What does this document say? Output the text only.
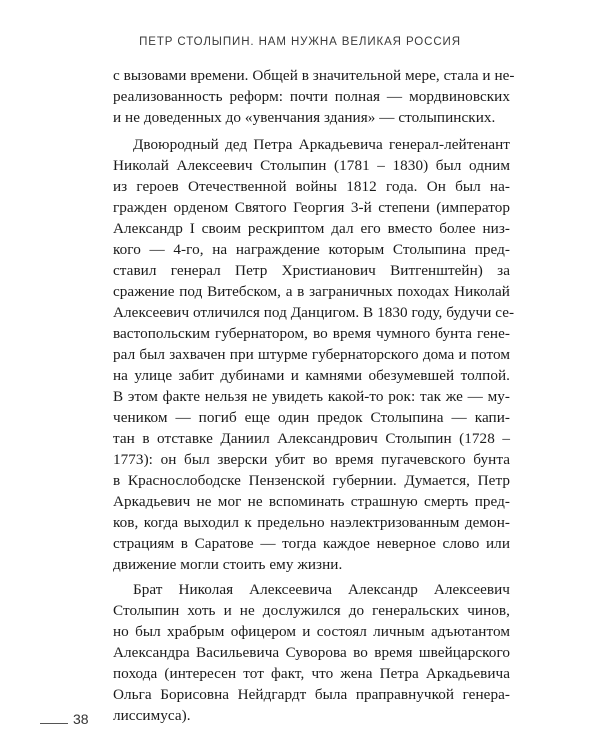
ПЕТР СТОЛЫПИН. НАМ НУЖНА ВЕЛИКАЯ РОССИЯ
с вызовами времени. Общей в значительной мере, стала и не-
реализованность реформ: почти полная — мордвиновских
и не доведенных до «увенчания здания» — столыпинских.
Двоюродный дед Петра Аркадьевича генерал-лейтенант
Николай Алексеевич Столыпин (1781 – 1830) был одним
из героев Отечественной войны 1812 года. Он был на-
гражден орденом Святого Георгия 3-й степени (император
Александр I своим рескриптом дал его вместо более низ-
кого — 4-го, на награждение которым Столыпина пред-
ставил генерал Петр Христианович Витгенштейн) за
сражение под Витебском, а в заграничных походах Николай
Алексеевич отличился под Данцигом. В 1830 году, будучи се-
вастопольским губернатором, во время чумного бунта гене-
рал был захвачен при штурме губернаторского дома и потом
на улице забит дубинами и камнями обезумевшей толпой.
В этом факте нельзя не увидеть какой-то рок: так же — му-
чеником — погиб еще один предок Столыпина — капи-
тан в отставке Даниил Александрович Столыпин (1728 –
1773): он был зверски убит во время пугачевского бунта
в Краснослободске Пензенской губернии. Думается, Петр
Аркадьевич не мог не вспоминать страшную смерть пред-
ков, когда выходил к предельно наэлектризованным демон-
страциям в Саратове — тогда каждое неверное слово или
движение могли стоить ему жизни.
Брат Николая Алексеевича Александр Алексеевич
Столыпин хоть и не дослужился до генеральских чинов,
но был храбрым офицером и состоял личным адъютантом
Александра Васильевича Суворова во время швейцарского
похода (интересен тот факт, что жена Петра Аркадьевича
Ольга Борисовна Нейдгардт была праправнучкой генера-
лиссимуса).
38
